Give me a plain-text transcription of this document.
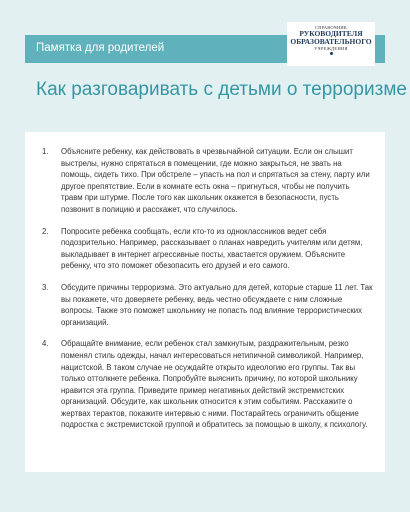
Памятка для родителей
СПРАВОЧНИК
РУКОВОДИТЕЛЯ
ОБРАЗОВАТЕЛЬНОГО
УЧРЕЖДЕНИЯ
Как разговаривать с детьми о терроризме
1.	Объясните ребенку, как действовать в чрезвычайной ситуации. Если он слышит выстрелы, нужно спрятаться в помещении, где можно закрыться, не звать на помощь, сидеть тихо. При обстреле – упасть на пол и спрятаться за стену, парту или другое препятствие. Если в комнате есть окна – пригнуться, чтобы не получить травм при штурме. После того как школьник окажется в безопасности, пусть позвонит в полицию и расскажет, что случилось.
2.	Попросите ребенка сообщать, если кто-то из одноклассников ведет себя подозрительно. Например, рассказывает о планах навредить учителям или детям, выкладывает в интернет агрессивные посты, хвастается оружием. Объясните ребенку, что это поможет обезопасить его друзей и его самого.
3.	Обсудите причины терроризма. Это актуально для детей, которые старше 11 лет. Так вы покажете, что доверяете ребенку, ведь честно обсуждаете с ним сложные вопросы. Также это поможет школьнику не попасть под влияние террористических организаций.
4.	Обращайте внимание, если ребенок стал замкнутым, раздражительным, резко поменял стиль одежды, начал интересоваться нетипичной символикой. Например, нацистской. В таком случае не осуждайте открыто идеологию его группы. Так вы только оттолкнете ребенка. Попробуйте выяснить причину, по которой школьнику нравится эта группа. Приведите пример негативных действий экстремистских организаций. Обсудите, как школьник относится к этим событиям. Расскажите о жертвах терактов, покажите интервью с ними. Постарайтесь ограничить общение подростка с экстремистской группой и обратитесь за помощью в школу, к психологу.
